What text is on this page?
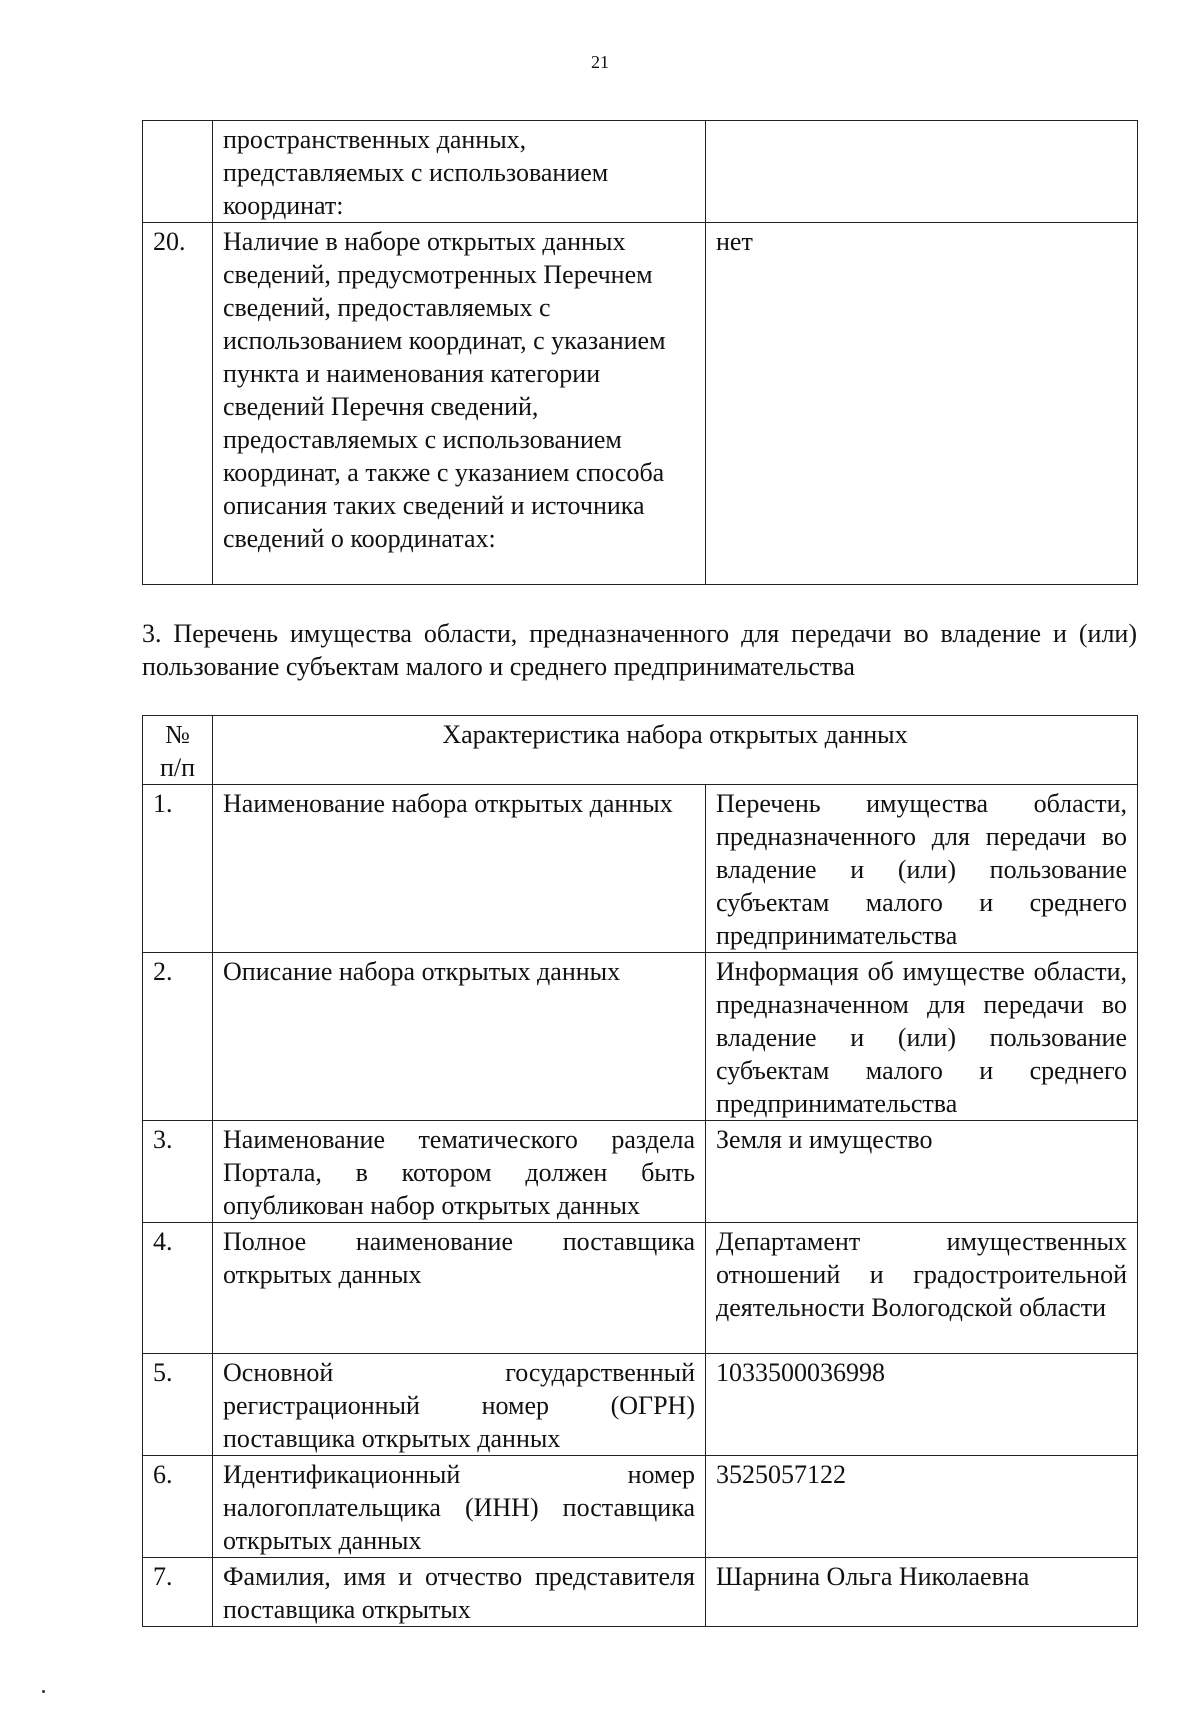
21
	пространственных данных, представляемых с использованием координат:	
20.	Наличие в наборе открытых данных сведений, предусмотренных Перечнем сведений, предоставляемых с использованием координат, с указанием пункта и наименования категории сведений Перечня сведений, предоставляемых с использованием координат, а также с указанием способа описания таких сведений и источника сведений о координатах:	нет
3. Перечень имущества области, предназначенного для передачи во владение и (или) пользование субъектам малого и среднего предпринимательства
№ п/п	Характеристика набора открытых данных	
1.	Наименование набора открытых данных	Перечень имущества области, предназначенного для передачи во владение и (или) пользование субъектам малого и среднего предпринимательства
2.	Описание набора открытых данных	Информация об имуществе области, предназначенном для передачи во владение и (или) пользование субъектам малого и среднего предпринимательства
3.	Наименование тематического раздела Портала, в котором должен быть опубликован набор открытых данных	Земля и имущество
4.	Полное наименование поставщика открытых данных	Департамент имущественных отношений и градостроительной деятельности Вологодской области
5.	Основной государственный регистрационный номер (ОГРН) поставщика открытых данных	1033500036998
6.	Идентификационный номер налогоплательщика (ИНН) поставщика открытых данных	3525057122
7.	Фамилия, имя и отчество представителя поставщика открытых	Шарнина Ольга Николаевна
